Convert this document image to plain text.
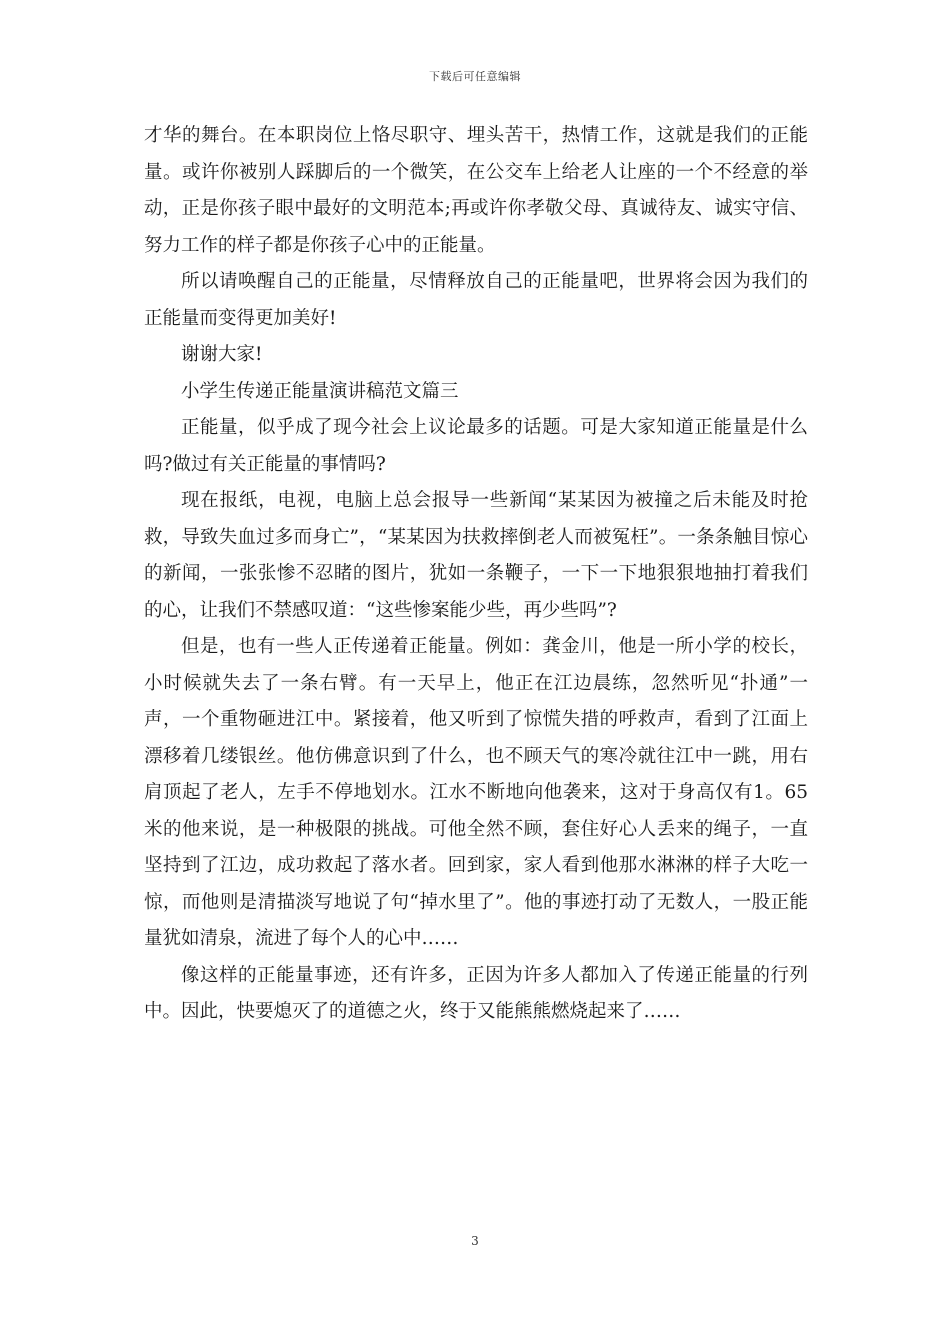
下载后可任意编辑

才华的舞台。在本职岗位上恪尽职守、埋头苦干，热情工作，这就是我们的正能量。或许你被别人踩脚后的一个微笑，在公交车上给老人让座的一个不经意的举动，正是你孩子眼中最好的文明范本;再或许你孝敬父母、真诚待友、诚实守信、努力工作的样子都是你孩子心中的正能量。

所以请唤醒自己的正能量，尽情释放自己的正能量吧，世界将会因为我们的正能量而变得更加美好!

谢谢大家!

小学生传递正能量演讲稿范文篇三

正能量，似乎成了现今社会上议论最多的话题。可是大家知道正能量是什么吗?做过有关正能量的事情吗?

现在报纸，电视，电脑上总会报导一些新闻“某某因为被撞之后未能及时抢救，导致失血过多而身亡”，“某某因为扶救摔倒老人而被冤枉”。一条条触目惊心的新闻，一张张惨不忍睹的图片，犹如一条鞭子，一下一下地狠狠地抽打着我们的心，让我们不禁感叹道：“这些惨案能少些，再少些吗”?

但是，也有一些人正传递着正能量。例如：龚金川，他是一所小学的校长，小时候就失去了一条右臂。有一天早上，他正在江边晨练，忽然听见“扑通”一声，一个重物砸进江中。紧接着，他又听到了惊慌失措的呼救声，看到了江面上漂移着几缕银丝。他仿佛意识到了什么，也不顾天气的寒冷就往江中一跳，用右肩顶起了老人，左手不停地划水。江水不断地向他袭来，这对于身高仅有1。65米的他来说，是一种极限的挑战。可他全然不顾，套住好心人丢来的绳子，一直坚持到了江边，成功救起了落水者。回到家，家人看到他那水淋淋的样子大吃一惊，而他则是清描淡写地说了句“掉水里了”。他的事迹打动了无数人，一股正能量犹如清泉，流进了每个人的心中……

像这样的正能量事迹，还有许多，正因为许多人都加入了传递正能量的行列中。因此，快要熄灭了的道德之火，终于又能熊熊燃烧起来了……

3
